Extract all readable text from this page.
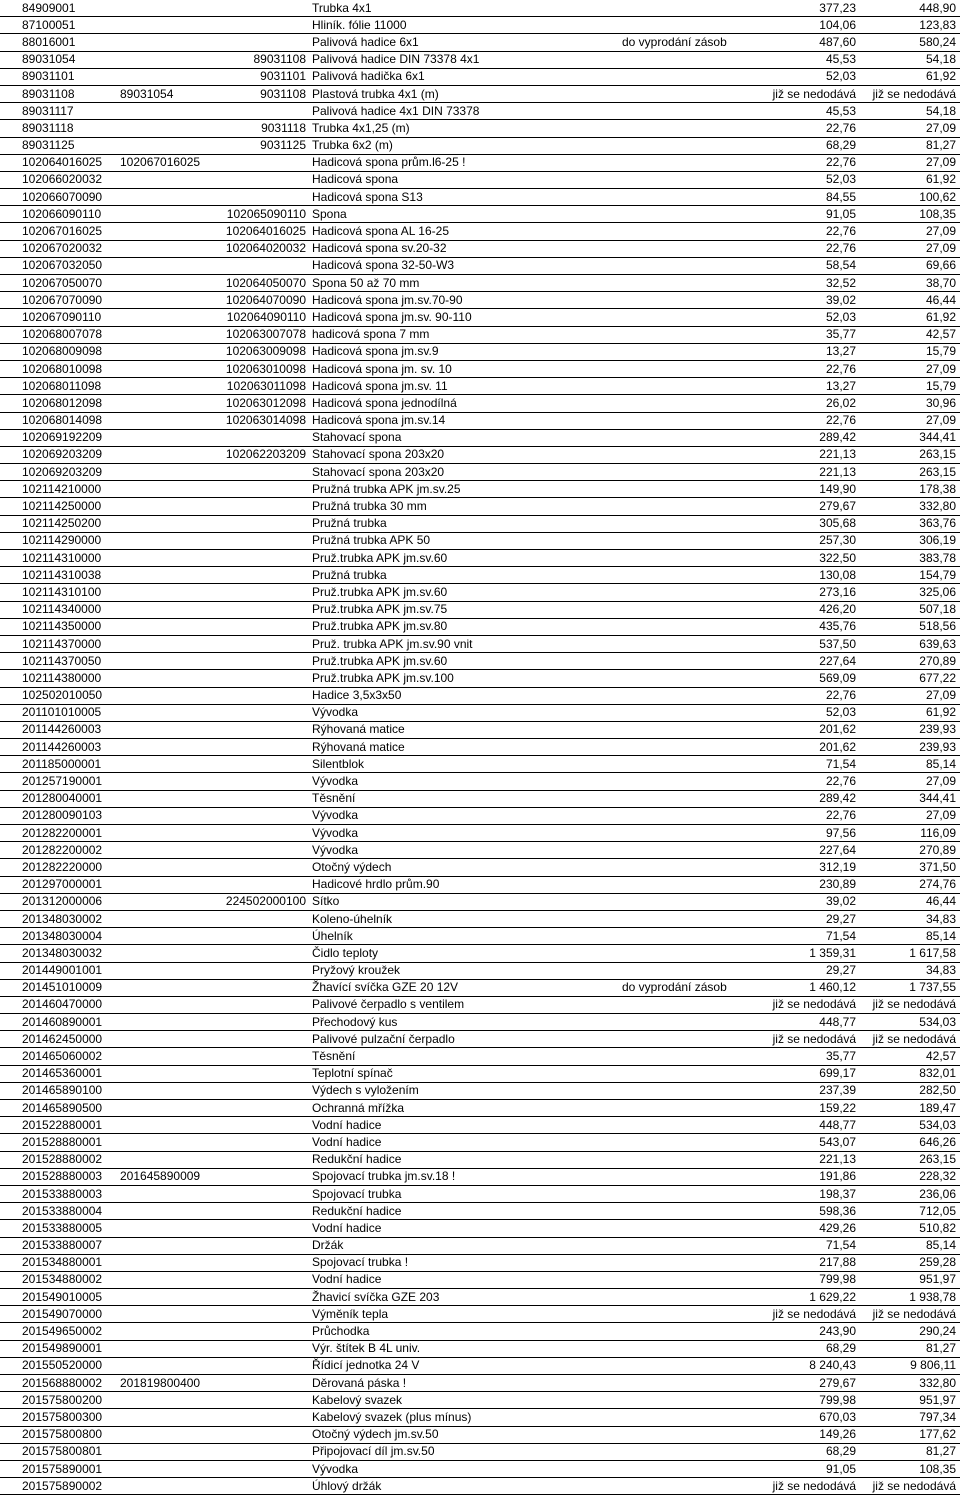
84909001		Trubka 4x1		377,23 448,90
87100051		Hliník. fólie 11000		104,06 123,83
88016001		Palivová hadice 6x1	do vyprodání zásob	487,60 580,24
89031054		89031108 Palivová hadice DIN 73378 4x1		45,53 54,18
89031101		9031101 Palivová hadička 6x1		52,03 61,92
89031108	89031054	9031108 Plastová trubka 4x1 (m)		již se nedodává již se nedodává
89031117		Palivová hadice 4x1 DIN 73378		45,53 54,18
89031118		9031118 Trubka 4x1,25 (m)		22,76 27,09
89031125		9031125 Trubka 6x2 (m)		68,29 81,27
102064016025	102067016025	Hadicová spona prům.l6-25 !		22,76 27,09
102066020032		Hadicová spona		52,03 61,92
102066070090		Hadicová spona S13		84,55 100,62
102066090110		102065090110 Spona		91,05 108,35
102067016025		102064016025 Hadicová spona AL 16-25		22,76 27,09
102067020032		102064020032 Hadicová spona sv.20-32		22,76 27,09
102067032050		Hadicová spona 32-50-W3		58,54 69,66
102067050070		102064050070 Spona 50 až 70 mm		32,52 38,70
102067070090		102064070090 Hadicová spona jm.sv.70-90		39,02 46,44
102067090110		102064090110 Hadicová spona jm.sv. 90-110		52,03 61,92
102068007078		102063007078 hadicová spona 7 mm		35,77 42,57
102068009098		102063009098 Hadicová spona jm.sv.9		13,27 15,79
102068010098		102063010098 Hadicová spona jm. sv. 10		22,76 27,09
102068011098		102063011098 Hadicová spona jm.sv. 11		13,27 15,79
102068012098		102063012098 Hadicová spona jednodílná		26,02 30,96
102068014098		102063014098 Hadicová spona jm.sv.14		22,76 27,09
102069192209		Stahovací spona		289,42 344,41
102069203209		102062203209 Stahovací spona 203x20		221,13 263,15
102069203209		Stahovací spona 203x20		221,13 263,15
102114210000		Pružná trubka APK jm.sv.25		149,90 178,38
102114250000		Pružná trubka 30 mm		279,67 332,80
102114250200		Pružná trubka		305,68 363,76
102114290000		Pružná trubka APK 50		257,30 306,19
102114310000		Pruž.trubka APK jm.sv.60		322,50 383,78
102114310038		Pružná trubka		130,08 154,79
102114310100		Pruž.trubka APK jm.sv.60		273,16 325,06
102114340000		Pruž.trubka APK jm.sv.75		426,20 507,18
102114350000		Pruž.trubka APK jm.sv.80		435,76 518,56
102114370000		Pruž. trubka APK jm.sv.90 vnit		537,50 639,63
102114370050		Pruž.trubka APK jm.sv.60		227,64 270,89
102114380000		Pruž.trubka APK jm.sv.100		569,09 677,22
102502010050		Hadice 3,5x3x50		22,76 27,09
201101010005		Vývodka		52,03 61,92
201144260003		Rýhovaná matice		201,62 239,93
201144260003		Rýhovaná matice		201,62 239,93
201185000001		Silentblok		71,54 85,14
201257190001		Vývodka		22,76 27,09
201280040001		Těsnění		289,42 344,41
201280090103		Vývodka		22,76 27,09
201282200001		Vývodka		97,56 116,09
201282200002		Vývodka		227,64 270,89
201282220000		Otočný výdech		312,19 371,50
201297000001		Hadicové hrdlo prům.90		230,89 274,76
201312000006		224502000100 Sítko		39,02 46,44
201348030002		Koleno-úhelník		29,27 34,83
201348030004		Úhelník		71,54 85,14
201348030032		Čidlo teploty		1 359,31 1 617,58
201449001001		Pryžový kroužek		29,27 34,83
201451010009		Žhavící svíčka GZE 20 12V	do vyprodání zásob	1 460,12 1 737,55
201460470000		Palivové čerpadlo s ventilem		již se nedodává již se nedodává
201460890001		Přechodový kus		448,77 534,03
201462450000		Palivové pulzační čerpadlo		již se nedodává již se nedodává
201465060002		Těsnění		35,77 42,57
201465360001		Teplotní spínač		699,17 832,01
201465890100		Výdech s vyložením		237,39 282,50
201465890500		Ochranná mřížka		159,22 189,47
201522880001		Vodní hadice		448,77 534,03
201528880001		Vodní hadice		543,07 646,26
201528880002		Redukční hadice		221,13 263,15
201528880003	201645890009	Spojovací trubka jm.sv.18 !		191,86 228,32
201533880003		Spojovací trubka		198,37 236,06
201533880004		Redukční hadice		598,36 712,05
201533880005		Vodní hadice		429,26 510,82
201533880007		Držák		71,54 85,14
201534880001		Spojovací trubka !		217,88 259,28
201534880002		Vodní hadice		799,98 951,97
201549010005		Žhavicí svíčka GZE 203		1 629,22 1 938,78
201549070000		Výměník tepla		již se nedodává již se nedodává
201549650002		Průchodka		243,90 290,24
201549890001		Výr. štítek B 4L univ.		68,29 81,27
201550520000		Řídicí jednotka 24 V		8 240,43 9 806,11
201568880002	201819800400	Děrovaná páska !		279,67 332,80
201575800200		Kabelový svazek		799,98 951,97
201575800300		Kabelový svazek (plus mínus)		670,03 797,34
201575800800		Otočný výdech jm.sv.50		149,26 177,62
201575800801		Připojovací díl jm.sv.50		68,29 81,27
201575890001		Vývodka		91,05 108,35
201575890002		Úhlový držák		již se nedodává již se nedodává
